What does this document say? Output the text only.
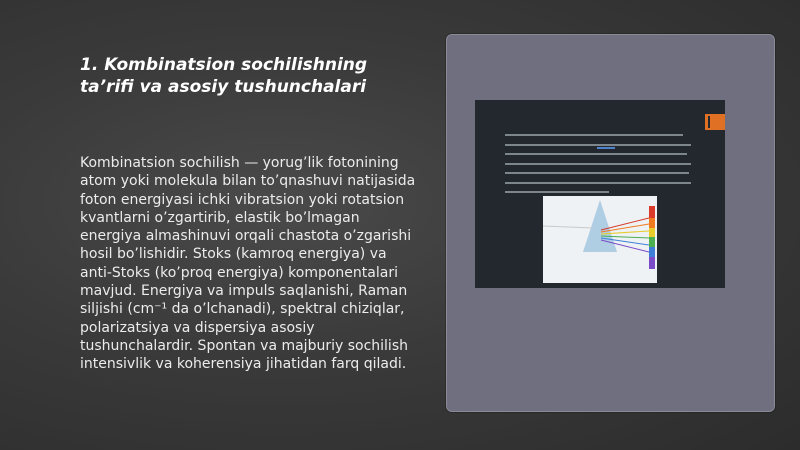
1. Kombinatsion sochilishning ta’rifi va asosiy tushunchalari

Kombinatsion sochilish — yorug’lik fotonining atom yoki molekula bilan to’qnashuvi natijasida foton energiyasi ichki vibratsion yoki rotatsion kvantlarni o’zgartirib, elastik bo’lmagan energiya almashinuvi orqali chastota o’zgarishi hosil bo’lishidir. Stoks (kamroq energiya) va anti-Stoks (ko’proq energiya) komponentalari mavjud. Energiya va impuls saqlanishi, Raman siljishi (cm⁻¹ da o’lchanadi), spektral chiziqlar, polarizatsiya va dispersiya asosiy tushunchalardir. Spontan va majburiy sochilish intensivlik va koherensiya jihatidan farq qiladi.
